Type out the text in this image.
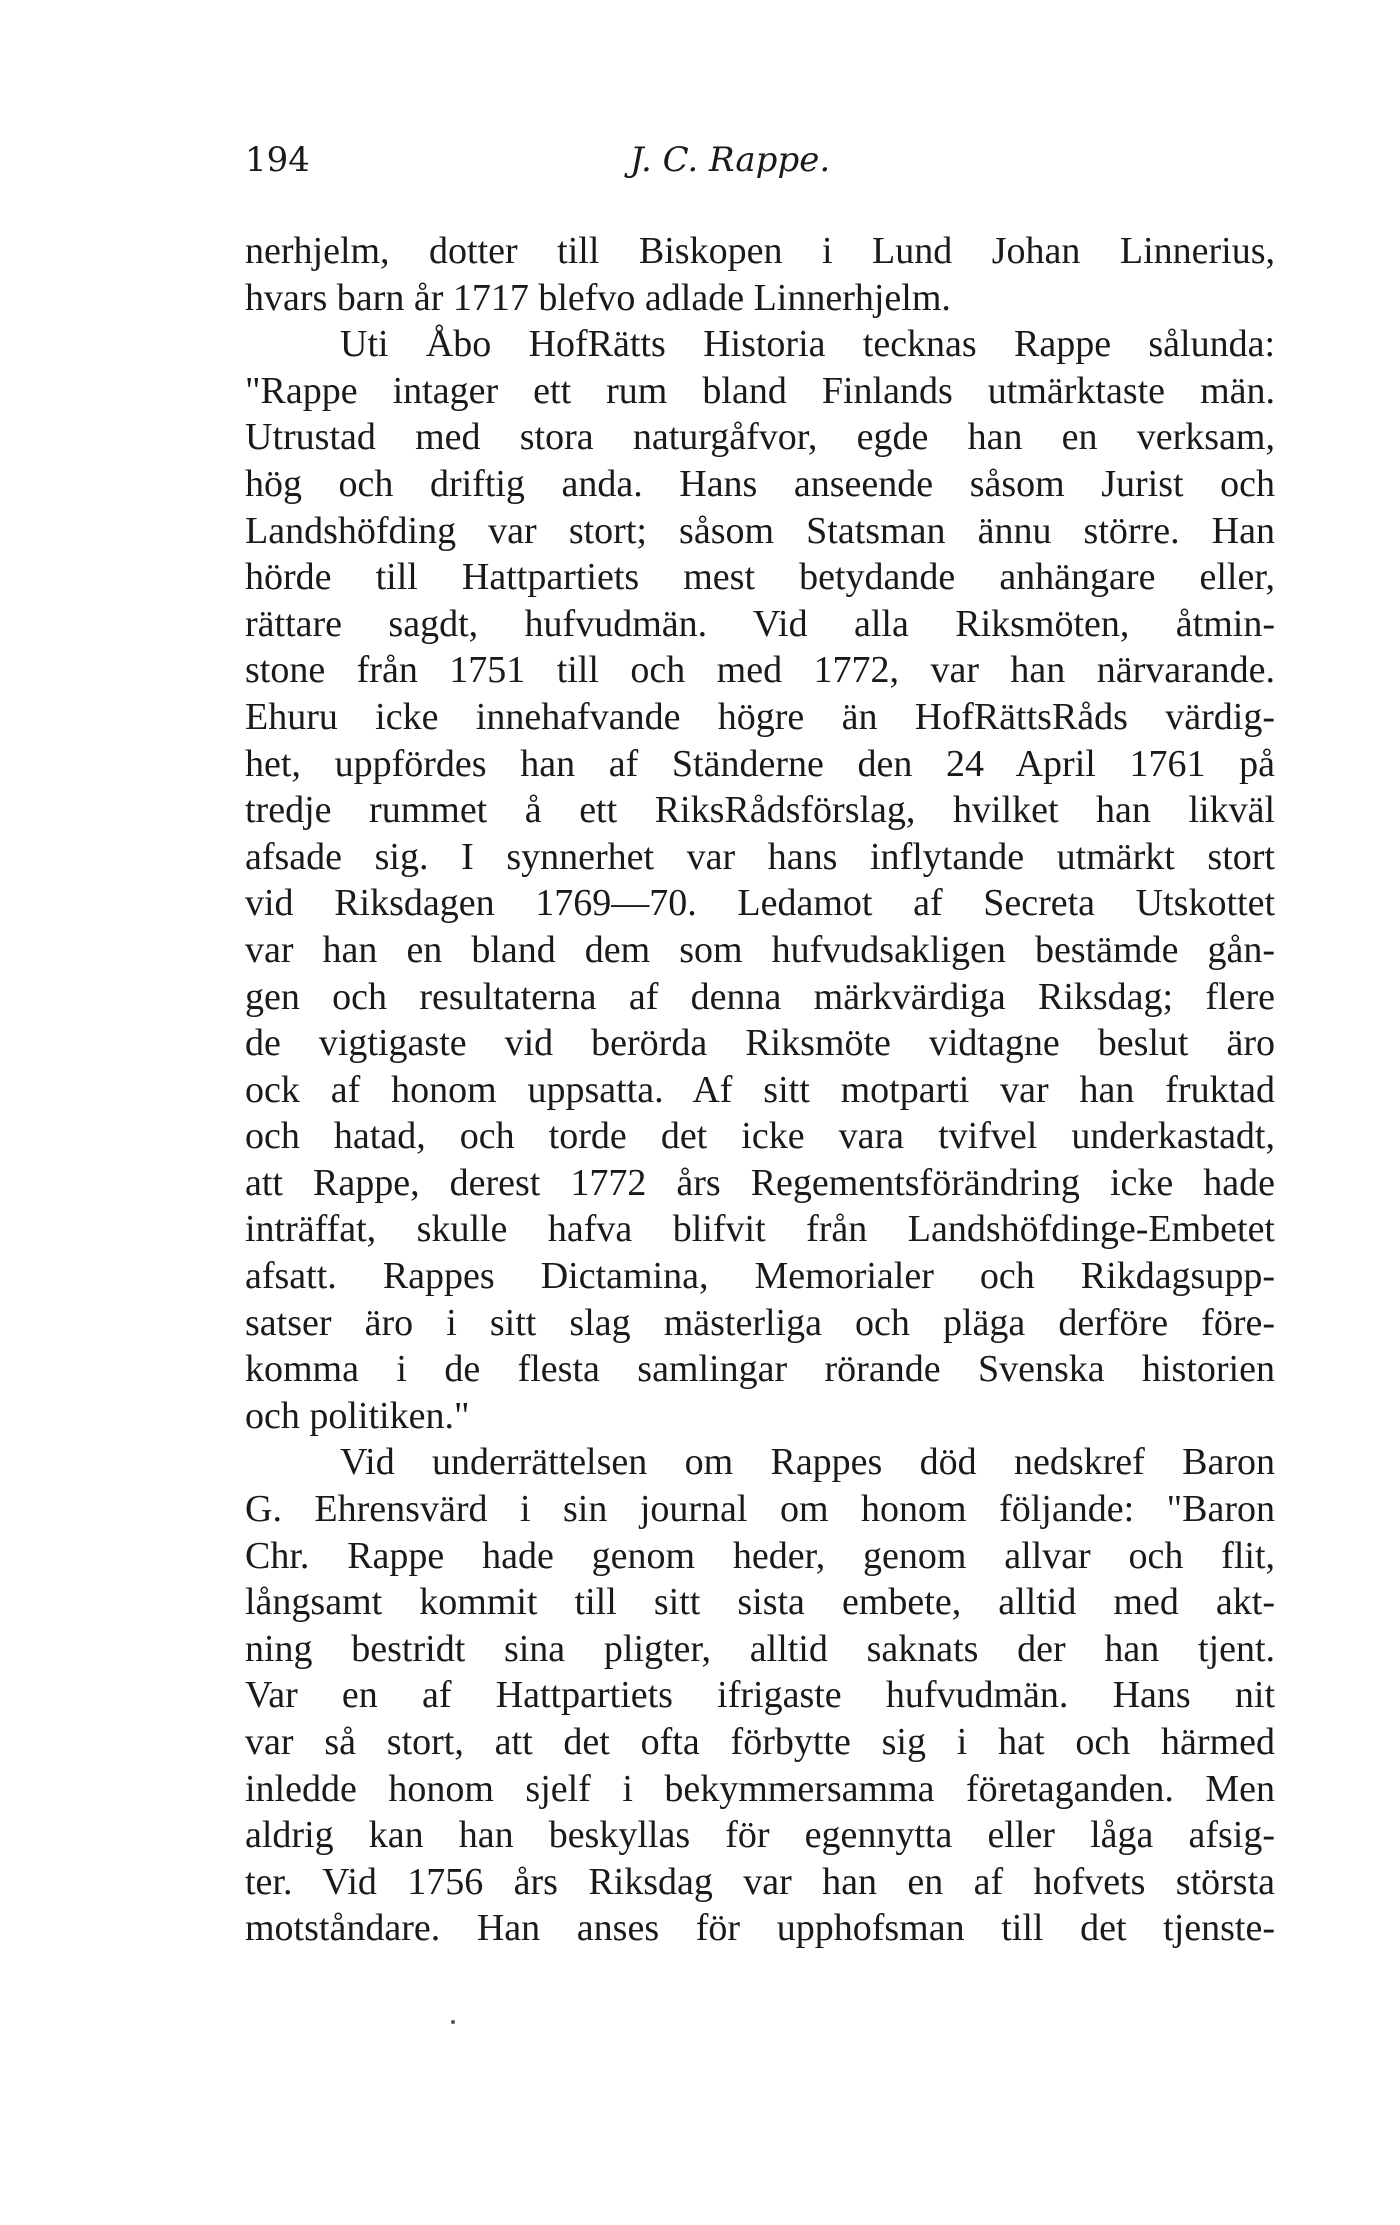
194	J. C. Rappe.
nerhjelm, dotter till Biskopen i Lund Johan Linnerius,
hvars barn år 1717 blefvo adlade Linnerhjelm.
Uti Åbo HofRätts Historia tecknas Rappe sålunda:
"Rappe intager ett rum bland Finlands utmärktaste män.
Utrustad med stora naturgåfvor, egde han en verksam,
hög och driftig anda. Hans anseende såsom Jurist och
Landshöfding var stort; såsom Statsman ännu större. Han
hörde till Hattpartiets mest betydande anhängare eller,
rättare sagdt, hufvudmän. Vid alla Riksmöten, åtmin-
stone från 1751 till och med 1772, var han närvarande.
Ehuru icke innehafvande högre än HofRättsRåds värdig-
het, uppfördes han af Ständerne den 24 April 1761 på
tredje rummet å ett RiksRådsförslag, hvilket han likväl
afsade sig. I synnerhet var hans inflytande utmärkt stort
vid Riksdagen 1769—70. Ledamot af Secreta Utskottet
var han en bland dem som hufvudsakligen bestämde gån-
gen och resultaterna af denna märkvärdiga Riksdag; flere
de vigtigaste vid berörda Riksmöte vidtagne beslut äro
ock af honom uppsatta. Af sitt motparti var han fruktad
och hatad, och torde det icke vara tvifvel underkastadt,
att Rappe, derest 1772 års Regementsförändring icke hade
inträffat, skulle hafva blifvit från Landshöfdinge-Embetet
afsatt. Rappes Dictamina, Memorialer och Rikdagsupp-
satser äro i sitt slag mästerliga och pläga derföre före-
komma i de flesta samlingar rörande Svenska historien
och politiken."
Vid underrättelsen om Rappes död nedskref Baron
G. Ehrensvärd i sin journal om honom följande: "Baron
Chr. Rappe hade genom heder, genom allvar och flit,
långsamt kommit till sitt sista embete, alltid med akt-
ning bestridt sina pligter, alltid saknats der han tjent.
Var en af Hattpartiets ifrigaste hufvudmän. Hans nit
var så stort, att det ofta förbytte sig i hat och härmed
inledde honom sjelf i bekymmersamma företaganden. Men
aldrig kan han beskyllas för egennytta eller låga afsig-
ter. Vid 1756 års Riksdag var han en af hofvets största
motståndare. Han anses för upphofsman till det tjenste-
